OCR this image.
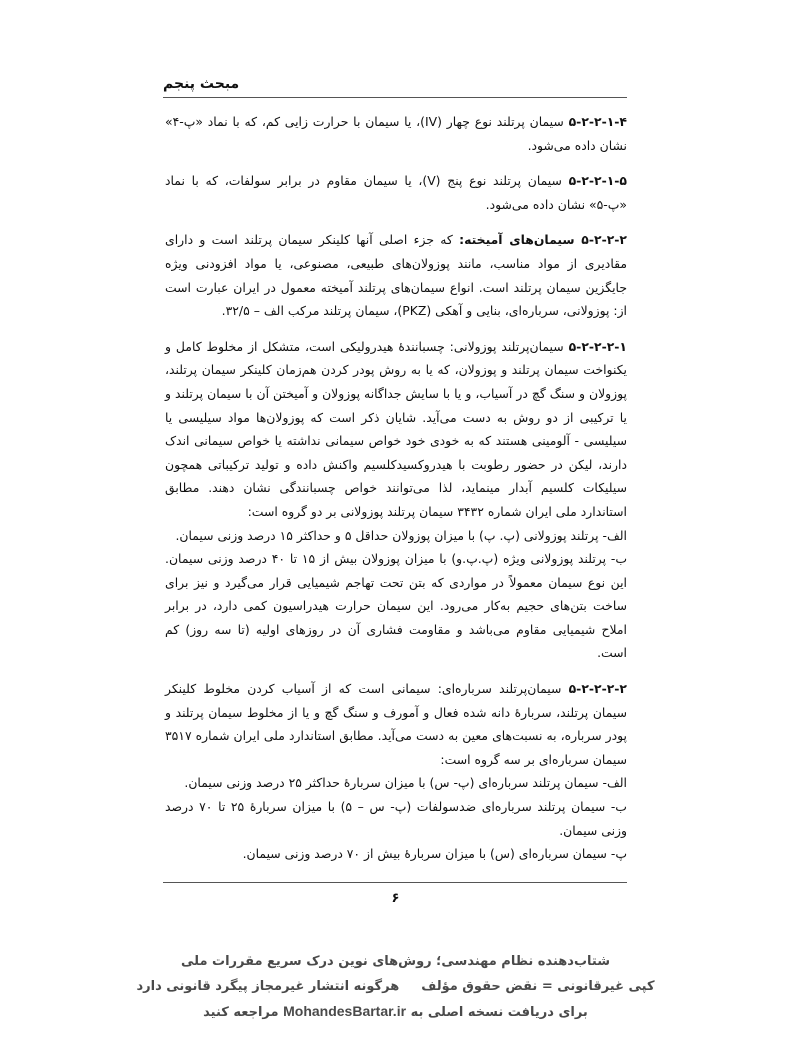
مبحث پنجم

۵-۲-۲-۱-۴ سیمان پرتلند نوع چهار (IV)، یا سیمان با حرارت زایی کم، که با نماد «پ-۴» نشان داده می‌شود.

۵-۲-۲-۱-۵ سیمان پرتلند نوع پنج (V)، یا سیمان مقاوم در برابر سولفات، که با نماد «پ-۵» نشان داده می‌شود.

۵-۲-۲-۲ سیمان‌های آمیخته: که جزء اصلی آنها کلینکر سیمان پرتلند است و دارای مقادیری از مواد مناسب، مانند پوزولان‌های طبیعی، مصنوعی، یا مواد افزودنی ویژه جایگزین سیمان پرتلند است. انواع سیمان‌های پرتلند آمیخته معمول در ایران عبارت است از: پوزولانی، سرباره‌ای، بنایی و آهکی (PKZ)، سیمان پرتلند مرکب الف – ۳۲/۵.

۵-۲-۲-۲-۱ سیمان‌پرتلند پوزولانی: چسبانندهٔ هیدرولیکی است، متشکل از مخلوط کامل و یکنواخت سیمان پرتلند و پوزولان، که یا به روش پودر کردن هم‌زمان کلینکر سیمان پرتلند، پوزولان و سنگ گچ در آسیاب، و یا با سایش جداگانه پوزولان و آمیختن آن با سیمان پرتلند و یا ترکیبی از دو روش به دست می‌آید. شایان ذکر است که پوزولان‌ها مواد سیلیسی یا سیلیسی - آلومینی هستند که به خودی خود خواص سیمانی نداشته یا خواص سیمانی اندک دارند، لیکن در حضور رطوبت با هیدروکسیدکلسیم واکنش داده و تولید ترکیباتی همچون سیلیکات کلسیم آبدار مینماید، لذا می‌توانند خواص چسبانندگی نشان دهند. مطابق استاندارد ملی ایران شماره ۳۴۳۲ سیمان پرتلند پوزولانی بر دو گروه است:

الف- پرتلند پوزولانی (پ. پ) با میزان پوزولان حداقل ۵ و حداکثر ۱۵ درصد وزنی سیمان.

ب- پرتلند پوزولانی ویژه (پ.پ.و) با میزان پوزولان بیش از ۱۵ تا ۴۰ درصد وزنی سیمان. این نوع سیمان معمولاً در مواردی که بتن تحت تهاجم شیمیایی قرار می‌گیرد و نیز برای ساخت بتن‌های حجیم به‌کار می‌رود. این سیمان حرارت هیدراسیون کمی دارد، در برابر املاح شیمیایی مقاوم می‌باشد و مقاومت فشاری آن در روزهای اولیه (تا سه روز) کم است.

۵-۲-۲-۲-۲ سیمان‌پرتلند سرباره‌ای: سیمانی است که از آسیاب کردن مخلوط کلینکر سیمان پرتلند، سربارهٔ دانه شده فعال و آمورف و سنگ گچ و یا از مخلوط سیمان پرتلند و پودر سرباره، به نسبت‌های معین به دست می‌آید. مطابق استاندارد ملی ایران شماره ۳۵۱۷ سیمان سرباره‌ای بر سه گروه است:

الف- سیمان پرتلند سرباره‌ای (پ- س) با میزان سربارهٔ حداکثر ۲۵ درصد وزنی سیمان.

ب- سیمان پرتلند سرباره‌ای ضدسولفات (پ- س – ۵) با میزان سربارهٔ ۲۵ تا ۷۰ درصد وزنی سیمان.

پ- سیمان سرباره‌ای (س) با میزان سربارهٔ بیش از ۷۰ درصد وزنی سیمان.

۶
شتاب‌دهنده نظام مهندسی؛ روش‌های نوین درک سریع مقررات ملی
کپی غیرقانونی = نقض حقوق مؤلفهرگونه انتشار غیرمجاز پیگرد قانونی دارد
برای دریافت نسخه اصلی به MohandesBartar.ir مراجعه کنید
